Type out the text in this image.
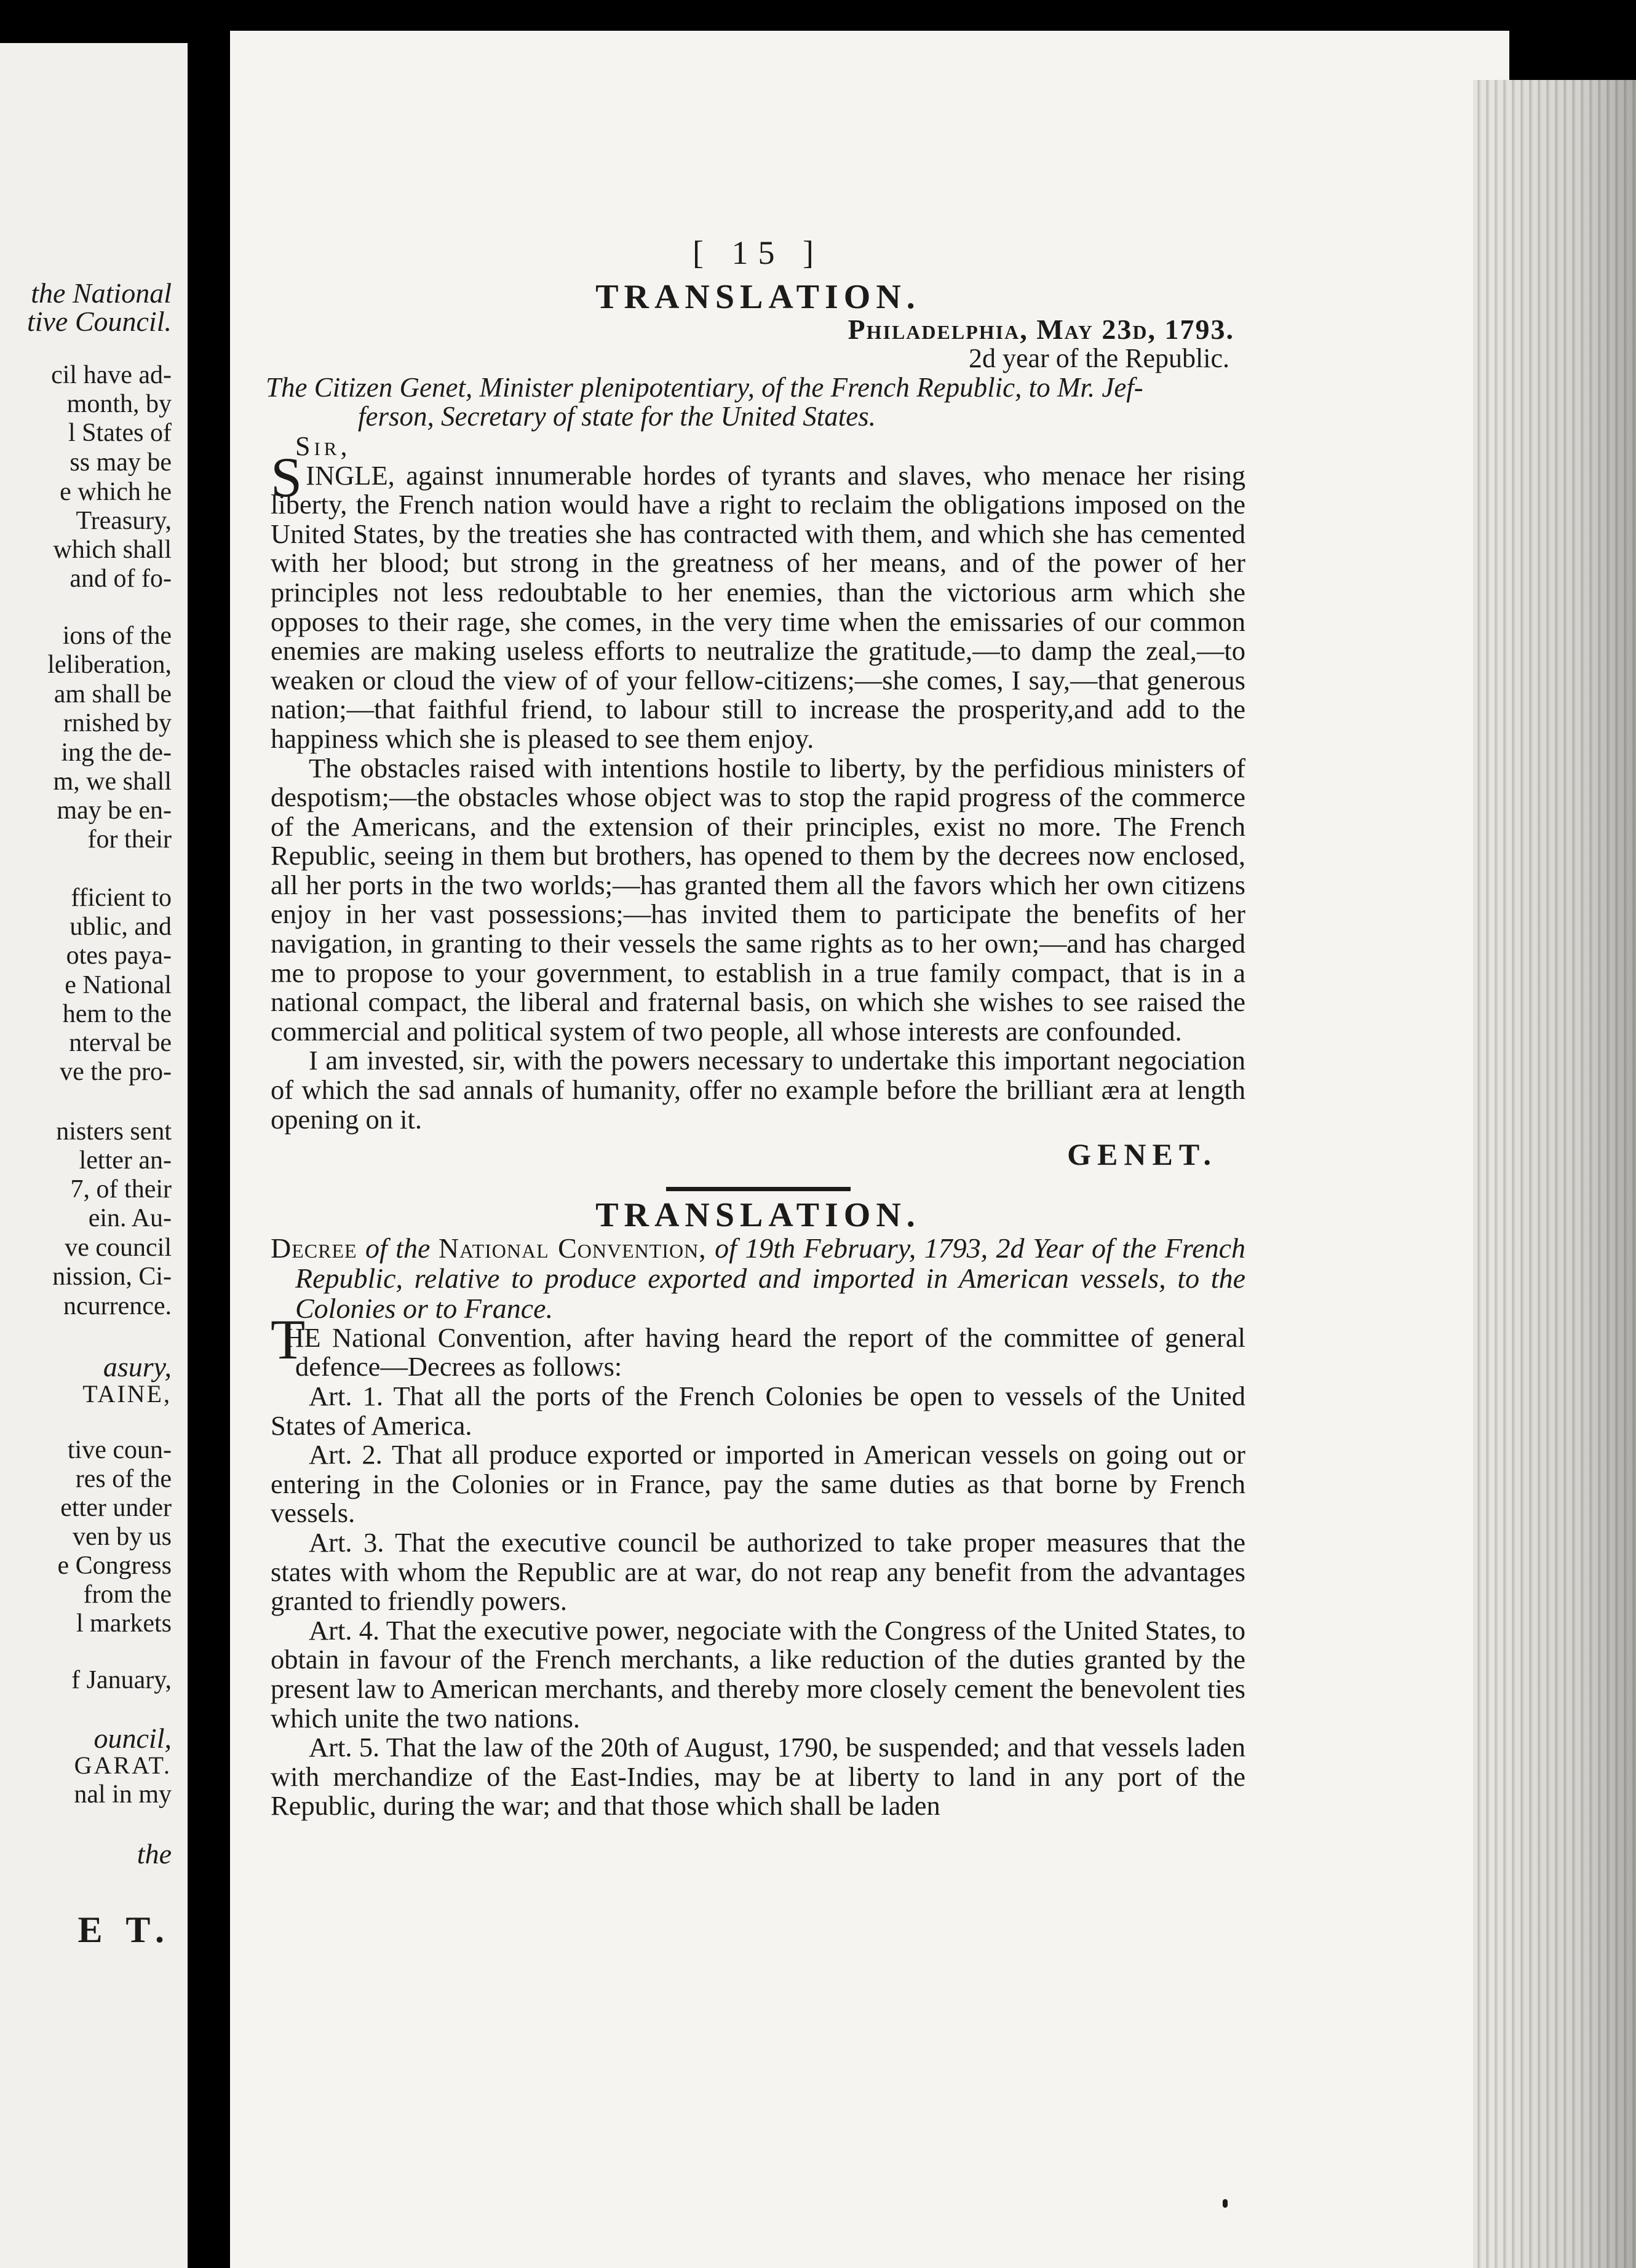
the National
tive Council.
cil have ad-
month, by
l States of
ss may be
e which he
Treasury,
which shall
and of fo-
ions of the
leliberation,
am shall be
rnished by
ing the de-
m, we shall
may be en-
for their
fficient to
ublic, and
otes paya-
e National
hem to the
nterval be
ve the pro-
nisters sent
letter an-
7, of their
ein. Au-
ve council
nission, Ci-
ncurrence.
asury,
TAINE,
tive coun-
res of the
etter under
ven by us
e Congress
from the
l markets
f January,
ouncil,
GARAT.
nal in my
the
E T.
[ 15 ]
TRANSLATION.
Philadelphia, May 23d, 1793.
2d year of the Republic.
The Citizen Genet, Minister plenipotentiary, of the French Republic, to Mr. Jef-
ferson, Secretary of state for the United States.
Sir,

SINGLE, against innumerable hordes of tyrants and slaves, who menace her rising liberty, the French nation would have a right to reclaim the obligations imposed on the United States, by the treaties she has contracted with them, and which she has cemented with her blood; but strong in the greatness of her means, and of the power of her principles not less redoubtable to her enemies, than the victorious arm which she opposes to their rage, she comes, in the very time when the emissaries of our common enemies are making useless efforts to neutralize the gratitude,—to damp the zeal,—to weaken or cloud the view of of your fellow-citizens;—she comes, I say,—that generous nation;—that faithful friend, to labour still to increase the prosperity,and add to the happiness which she is pleased to see them enjoy.

The obstacles raised with intentions hostile to liberty, by the perfidious ministers of despotism;—the obstacles whose object was to stop the rapid progress of the commerce of the Americans, and the extension of their principles, exist no more. The French Republic, seeing in them but brothers, has opened to them by the decrees now enclosed, all her ports in the two worlds;—has granted them all the favors which her own citizens enjoy in her vast possessions;—has invited them to participate the benefits of her navigation, in granting to their vessels the same rights as to her own;—and has charged me to propose to your government, to establish in a true family compact, that is in a national compact, the liberal and fraternal basis, on which she wishes to see raised the commercial and political system of two people, all whose interests are confounded.

I am invested, sir, with the powers necessary to undertake this important negociation of which the sad annals of humanity, offer no example before the brilliant æra at length opening on it.

GENET.
TRANSLATION.

Decree of the National Convention, of 19th February, 1793, 2d Year of the French Republic, relative to produce exported and imported in American vessels, to the Colonies or to France.

THE National Convention, after having heard the report of the committee of general defence—Decrees as follows:

Art. 1. That all the ports of the French Colonies be open to vessels of the United States of America.

Art. 2. That all produce exported or imported in American vessels on going out or entering in the Colonies or in France, pay the same duties as that borne by French vessels.

Art. 3. That the executive council be authorized to take proper measures that the states with whom the Republic are at war, do not reap any benefit from the advantages granted to friendly powers.

Art. 4. That the executive power, negociate with the Congress of the United States, to obtain in favour of the French merchants, a like reduction of the duties granted by the present law to American merchants, and thereby more closely cement the benevolent ties which unite the two nations.

Art. 5. That the law of the 20th of August, 1790, be suspended; and that vessels laden with merchandize of the East-Indies, may be at liberty to land in any port of the Republic, during the war; and that those which shall be laden
